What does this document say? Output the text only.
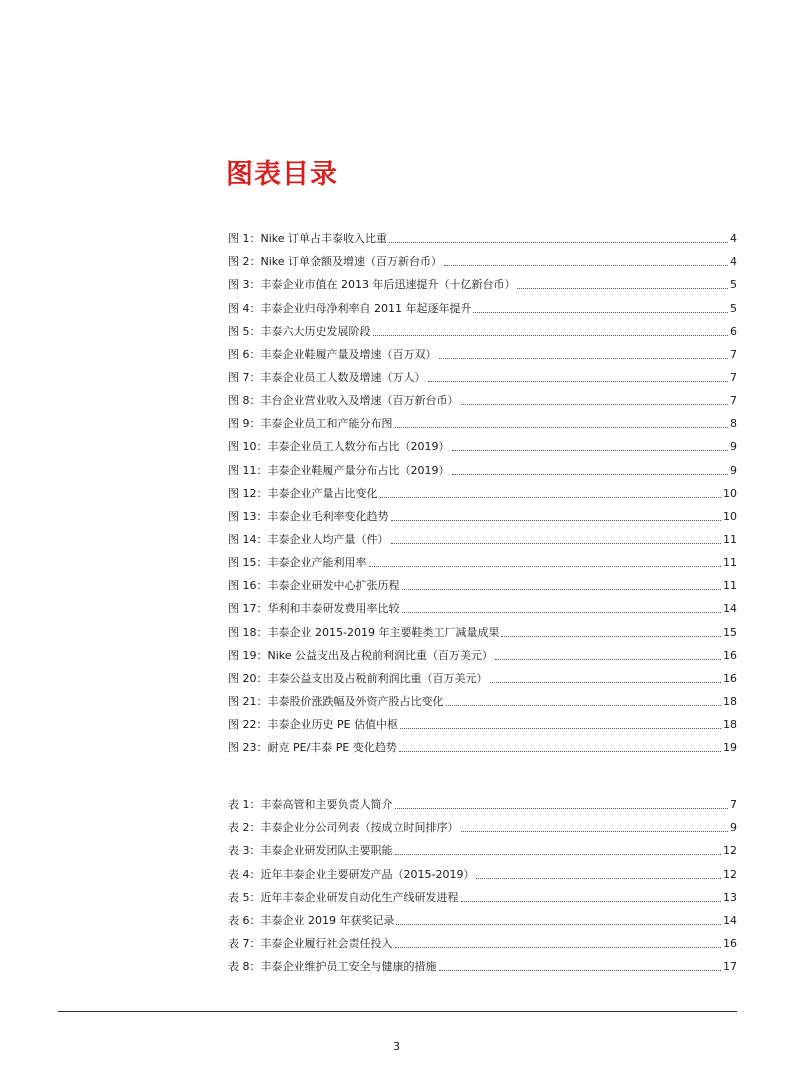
图表目录
图 1：Nike 订单占丰泰收入比重	4
图 2：Nike 订单金额及增速（百万新台币）	4
图 3：丰泰企业市值在 2013 年后迅速提升（十亿新台币）	5
图 4：丰泰企业归母净利率自 2011 年起逐年提升	5
图 5：丰泰六大历史发展阶段	6
图 6：丰泰企业鞋履产量及增速（百万双）	7
图 7：丰泰企业员工人数及增速（万人）	7
图 8：丰台企业营业收入及增速（百万新台币）	7
图 9：丰泰企业员工和产能分布图	8
图 10：丰泰企业员工人数分布占比（2019）	9
图 11：丰泰企业鞋履产量分布占比（2019）	9
图 12：丰泰企业产量占比变化	10
图 13：丰泰企业毛利率变化趋势	10
图 14：丰泰企业人均产量（件）	11
图 15：丰泰企业产能利用率	11
图 16：丰泰企业研发中心扩张历程	11
图 17：华利和丰泰研发费用率比较	14
图 18：丰泰企业 2015-2019 年主要鞋类工厂减量成果	15
图 19：Nike 公益支出及占税前利润比重（百万美元）	16
图 20：丰泰公益支出及占税前利润比重（百万美元）	16
图 21：丰泰股价涨跌幅及外资产股占比变化	18
图 22：丰泰企业历史 PE 估值中枢	18
图 23：耐克 PE/丰泰 PE 变化趋势	19
表 1：丰泰高管和主要负责人简介	7
表 2：丰泰企业分公司列表（按成立时间排序）	9
表 3：丰泰企业研发团队主要职能	12
表 4：近年丰泰企业主要研发产品（2015-2019）	12
表 5：近年丰泰企业研发自动化生产线研发进程	13
表 6：丰泰企业 2019 年获奖记录	14
表 7：丰泰企业履行社会责任投入	16
表 8：丰泰企业维护员工安全与健康的措施	17
3
